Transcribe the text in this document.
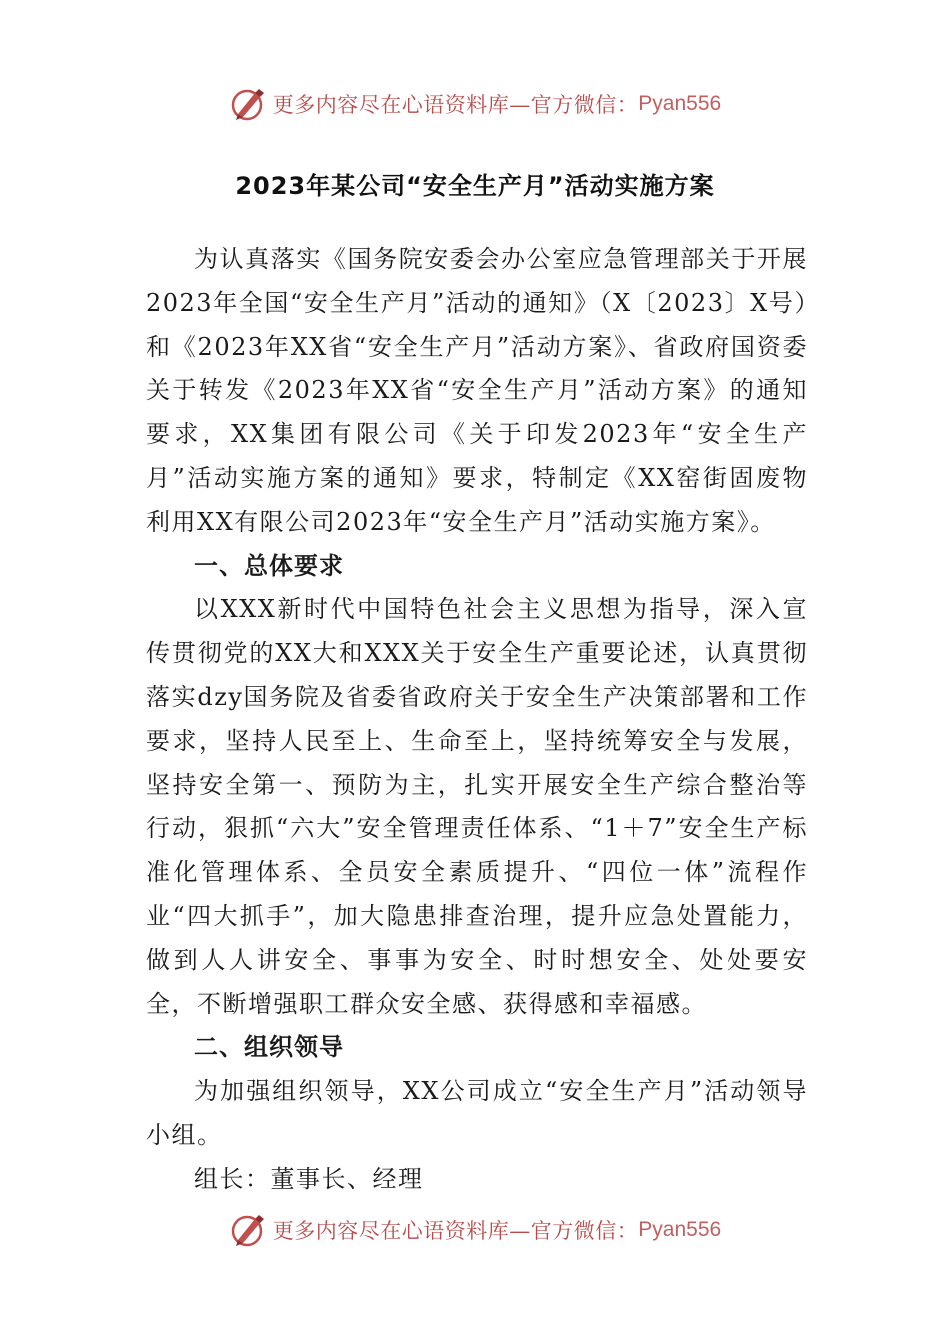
更多内容尽在心语资料库—官方微信： Pyan556
2023年某公司“安全生产月”活动实施方案

为认真落实《国务院安委会办公室应急管理部关于开展2023年全国“安全生产月”活动的通知》（X〔2023〕X号）和《2023年XX省“安全生产月”活动方案》、省政府国资委关于转发《2023年XX省“安全生产月”活动方案》的通知要求，XX集团有限公司《关于印发2023年“安全生产月”活动实施方案的通知》要求，特制定《XX窑街固废物利用XX有限公司2023年“安全生产月”活动实施方案》。

一、总体要求

以XXX新时代中国特色社会主义思想为指导，深入宣传贯彻党的XX大和XXX关于安全生产重要论述，认真贯彻落实dzy国务院及省委省政府关于安全生产决策部署和工作要求，坚持人民至上、生命至上，坚持统筹安全与发展，坚持安全第一、预防为主，扎实开展安全生产综合整治等行动，狠抓“六大”安全管理责任体系、“1＋7”安全生产标准化管理体系、全员安全素质提升、“四位一体”流程作业“四大抓手”，加大隐患排查治理，提升应急处置能力，做到人人讲安全、事事为安全、时时想安全、处处要安全，不断增强职工群众安全感、获得感和幸福感。

二、组织领导

为加强组织领导，XX公司成立“安全生产月”活动领导小组。

组长：董事长、经理

更多内容尽在心语资料库—官方微信： Pyan556
